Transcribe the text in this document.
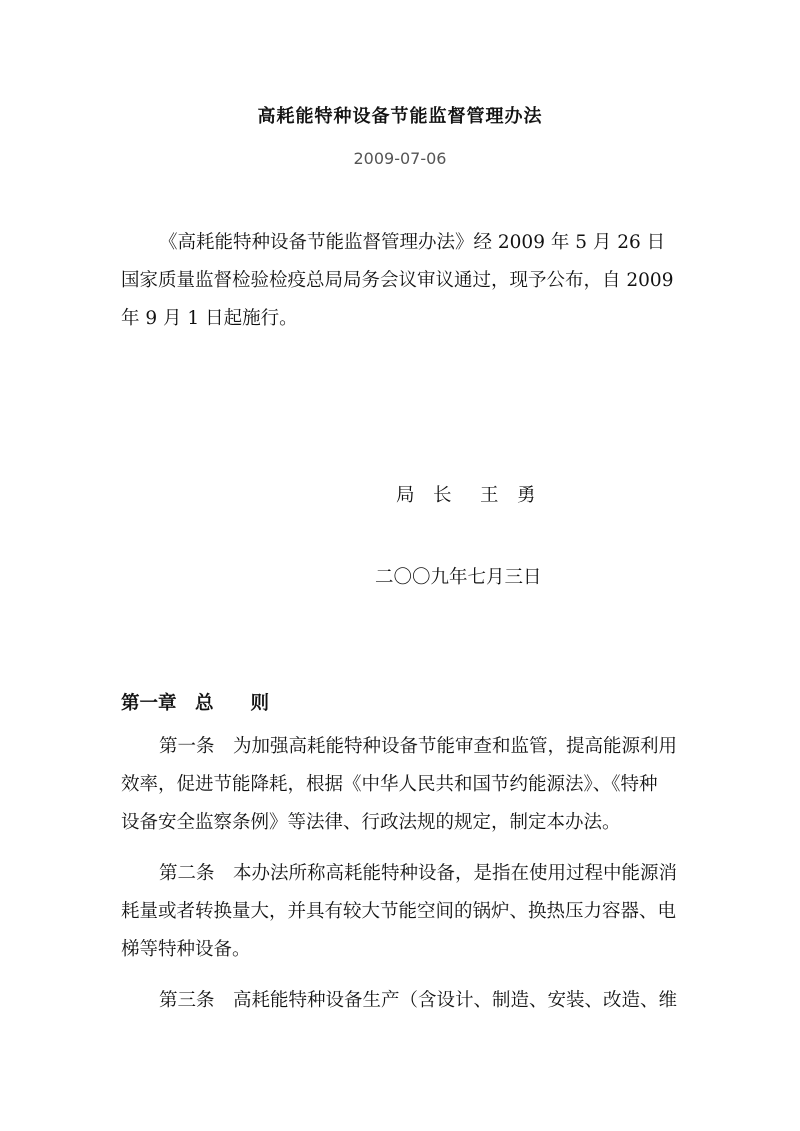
高耗能特种设备节能监督管理办法
2009-07-06

《高耗能特种设备节能监督管理办法》经 2009 年 5 月 26 日
国家质量监督检验检疫总局局务会议审议通过，现予公布，自 2009
年 9 月 1 日起施行。

局　长 王　勇
二〇〇九年七月三日
第一章　总　　则

第一条　为加强高耗能特种设备节能审查和监管，提高能源利用
效率，促进节能降耗，根据《中华人民共和国节约能源法》、《特种
设备安全监察条例》等法律、行政法规的规定，制定本办法。

第二条　本办法所称高耗能特种设备，是指在使用过程中能源消
耗量或者转换量大，并具有较大节能空间的锅炉、换热压力容器、电
梯等特种设备。

第三条　高耗能特种设备生产（含设计、制造、安装、改造、维
